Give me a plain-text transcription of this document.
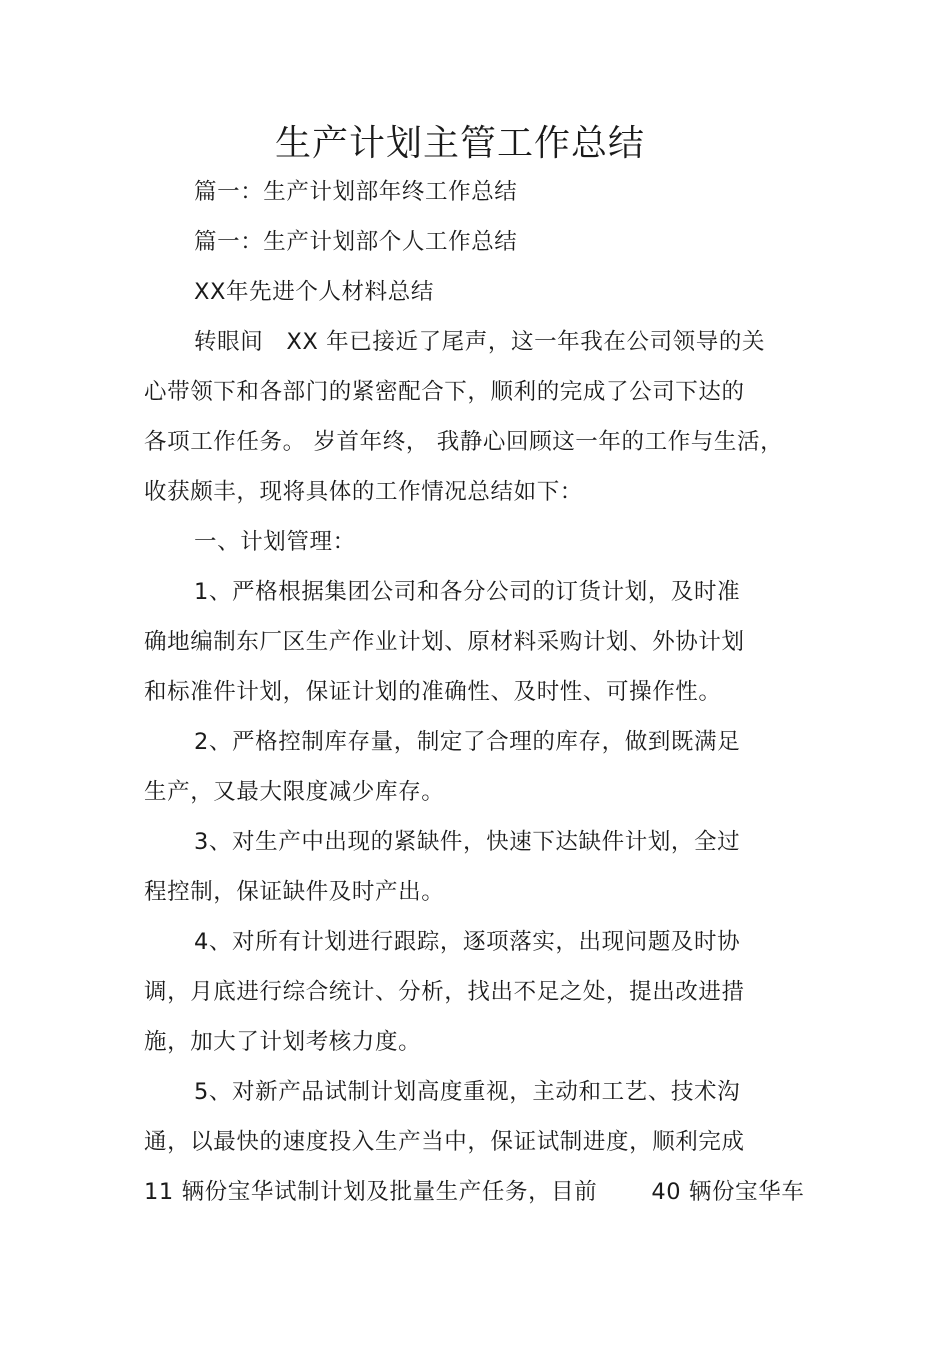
生产计划主管工作总结
篇一：生产计划部年终工作总结
篇一：生产计划部个人工作总结
XX年先进个人材料总结
转眼间　XX 年已接近了尾声，这一年我在公司领导的关
心带领下和各部门的紧密配合下，顺利的完成了公司下达的
各项工作任务。 岁首年终， 我静心回顾这一年的工作与生活，
收获颇丰，现将具体的工作情况总结如下：
一、计划管理：
1、严格根据集团公司和各分公司的订货计划，及时准
确地编制东厂区生产作业计划、原材料采购计划、外协计划
和标准件计划，保证计划的准确性、及时性、可操作性。
2、严格控制库存量，制定了合理的库存，做到既满足
生产，又最大限度减少库存。
3、对生产中出现的紧缺件，快速下达缺件计划，全过
程控制，保证缺件及时产出。
4、对所有计划进行跟踪，逐项落实，出现问题及时协
调，月底进行综合统计、分析，找出不足之处，提出改进措
施，加大了计划考核力度。
5、对新产品试制计划高度重视，主动和工艺、技术沟
通，以最快的速度投入生产当中，保证试制进度，顺利完成
11 辆份宝华试制计划及批量生产任务，目前　　 40 辆份宝华车
